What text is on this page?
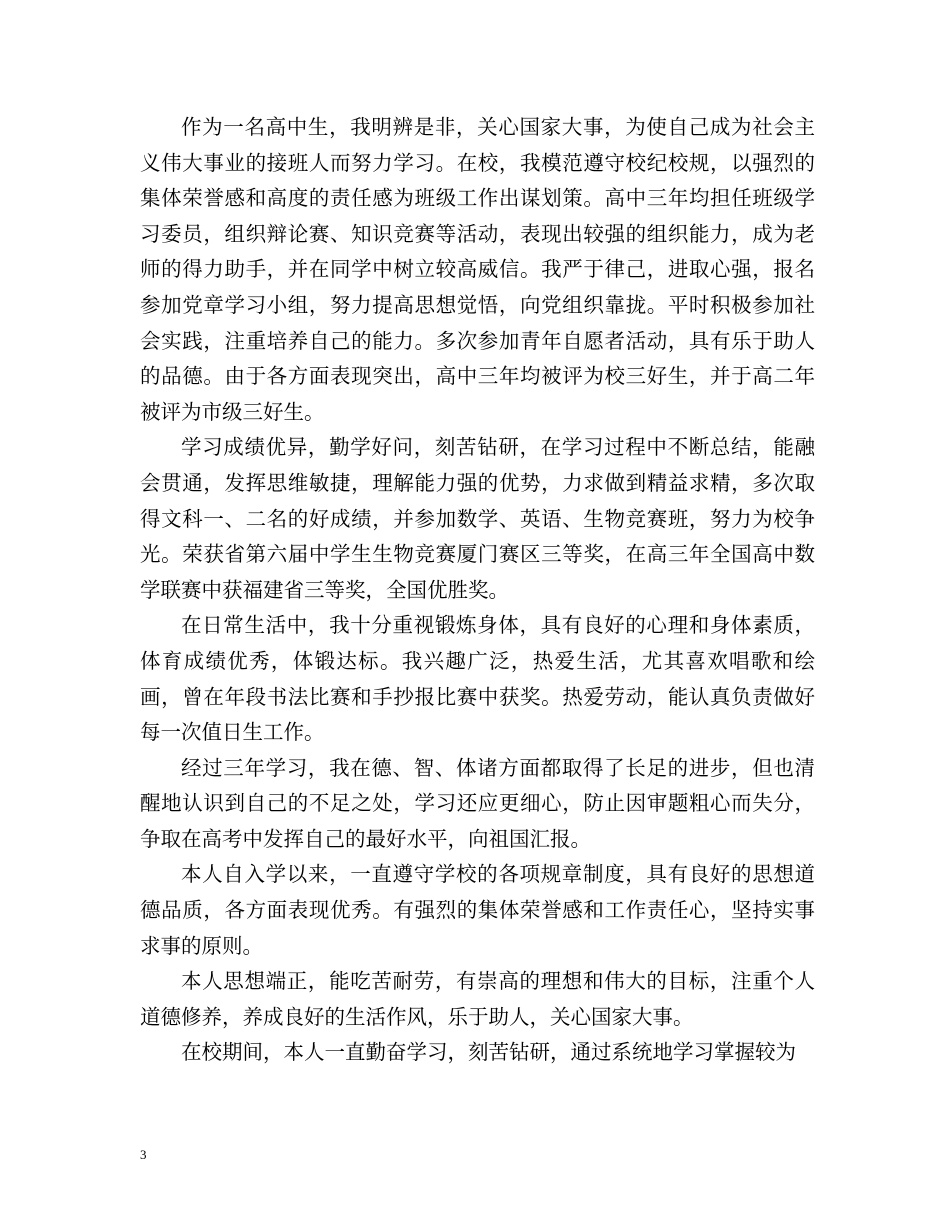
作为一名高中生，我明辨是非，关心国家大事，为使自己成为社会主义伟大事业的接班人而努力学习。在校，我模范遵守校纪校规，以强烈的集体荣誉感和高度的责任感为班级工作出谋划策。高中三年均担任班级学习委员，组织辩论赛、知识竞赛等活动，表现出较强的组织能力，成为老师的得力助手，并在同学中树立较高威信。我严于律己，进取心强，报名参加党章学习小组，努力提高思想觉悟，向党组织靠拢。平时积极参加社会实践，注重培养自己的能力。多次参加青年自愿者活动，具有乐于助人的品德。由于各方面表现突出，高中三年均被评为校三好生，并于高二年被评为市级三好生。

学习成绩优异，勤学好问，刻苦钻研，在学习过程中不断总结，能融会贯通，发挥思维敏捷，理解能力强的优势，力求做到精益求精，多次取得文科一、二名的好成绩，并参加数学、英语、生物竞赛班，努力为校争光。荣获省第六届中学生生物竞赛厦门赛区三等奖，在高三年全国高中数学联赛中获福建省三等奖，全国优胜奖。

在日常生活中，我十分重视锻炼身体，具有良好的心理和身体素质，体育成绩优秀，体锻达标。我兴趣广泛，热爱生活，尤其喜欢唱歌和绘画，曾在年段书法比赛和手抄报比赛中获奖。热爱劳动，能认真负责做好每一次值日生工作。

经过三年学习，我在德、智、体诸方面都取得了长足的进步，但也清醒地认识到自己的不足之处，学习还应更细心，防止因审题粗心而失分，争取在高考中发挥自己的最好水平，向祖国汇报。

本人自入学以来，一直遵守学校的各项规章制度，具有良好的思想道德品质，各方面表现优秀。有强烈的集体荣誉感和工作责任心，坚持实事求事的原则。

本人思想端正，能吃苦耐劳，有崇高的理想和伟大的目标，注重个人道德修养，养成良好的生活作风，乐于助人，关心国家大事。

在校期间，本人一直勤奋学习，刻苦钻研，通过系统地学习掌握较为

3
